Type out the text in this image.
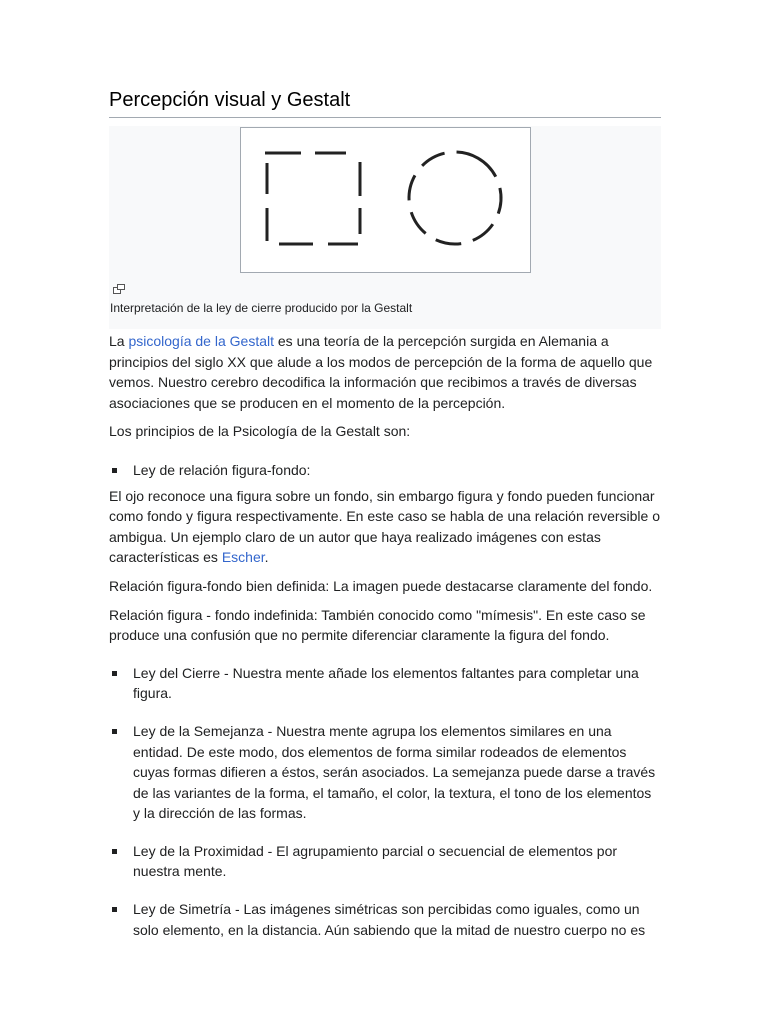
Percepción visual y Gestalt
Interpretación de la ley de cierre producido por la Gestalt

La psicología de la Gestalt es una teoría de la percepción surgida en Alemania a principios del siglo XX que alude a los modos de percepción de la forma de aquello que vemos. Nuestro cerebro decodifica la información que recibimos a través de diversas asociaciones que se producen en el momento de la percepción.

Los principios de la Psicología de la Gestalt son:

Ley de relación figura-fondo:

El ojo reconoce una figura sobre un fondo, sin embargo figura y fondo pueden funcionar como fondo y figura respectivamente. En este caso se habla de una relación reversible o ambigua. Un ejemplo claro de un autor que haya realizado imágenes con estas características es Escher.

Relación figura-fondo bien definida: La imagen puede destacarse claramente del fondo.

Relación figura - fondo indefinida: También conocido como "mímesis". En este caso se produce una confusión que no permite diferenciar claramente la figura del fondo.

Ley del Cierre - Nuestra mente añade los elementos faltantes para completar una figura.
Ley de la Semejanza - Nuestra mente agrupa los elementos similares en una entidad. De este modo, dos elementos de forma similar rodeados de elementos cuyas formas difieren a éstos, serán asociados. La semejanza puede darse a través de las variantes de la forma, el tamaño, el color, la textura, el tono de los elementos y la dirección de las formas.
Ley de la Proximidad - El agrupamiento parcial o secuencial de elementos por nuestra mente.
Ley de Simetría - Las imágenes simétricas son percibidas como iguales, como un solo elemento, en la distancia. Aún sabiendo que la mitad de nuestro cuerpo no es
